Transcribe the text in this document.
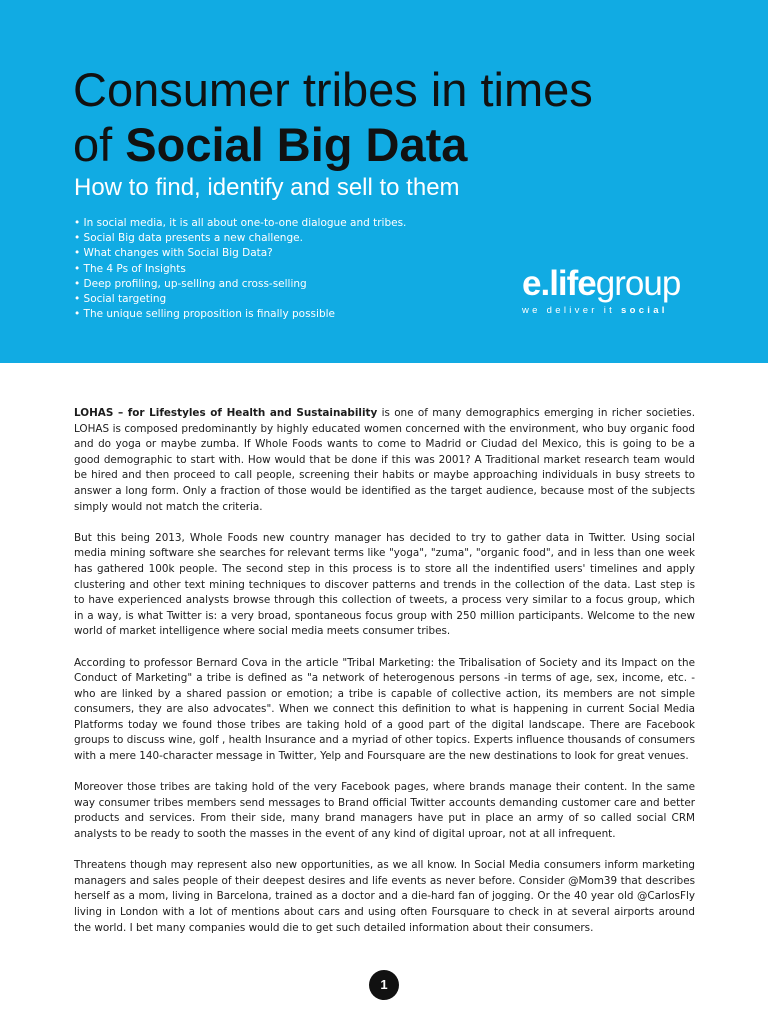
Consumer tribes in times
of Social Big Data
How to find, identify and sell to them
• In social media, it is all about one-to-one dialogue and tribes.
• Social Big data presents a new challenge.
• What changes with Social Big Data?
• The 4 Ps of Insights
• Deep profiling, up-selling and cross-selling
• Social targeting
• The unique selling proposition is finally possible
e.lifegroup
we deliver it social

LOHAS – for Lifestyles of Health and Sustainability is one of many demographics emerging in richer societies. LOHAS is composed predominantly by highly educated women concerned with the environment, who buy organic food and do yoga or maybe zumba. If Whole Foods wants to come to Madrid or Ciudad del Mexico, this is going to be a good demographic to start with. How would that be done if this was 2001? A Traditional market research team would be hired and then proceed to call people, screening their habits or maybe approaching individuals in busy streets to answer a long form. Only a fraction of those would be identified as the target audience, because most of the subjects simply would not match the criteria.

But this being 2013, Whole Foods new country manager has decided to try to gather data in Twitter. Using social media mining software she searches for relevant terms like "yoga", "zuma", "organic food", and in less than one week has gathered 100k people. The second step in this process is to store all the indentified users' timelines and apply clustering and other text mining techniques to discover patterns and trends in the collection of the data. Last step is to have experienced analysts browse through this collection of tweets, a process very similar to a focus group, which in a way, is what Twitter is: a very broad, spontaneous focus group with 250 million participants. Welcome to the new world of market intelligence where social media meets consumer tribes.

According to professor Bernard Cova in the article "Tribal Marketing: the Tribalisation of Society and its Impact on the Conduct of Marketing" a tribe is defined as "a network of heterogenous persons -in terms of age, sex, income, etc. - who are linked by a shared passion or emotion; a tribe is capable of collective action, its members are not simple consumers, they are also advocates". When we connect this definition to what is happening in current Social Media Platforms today we found those tribes are taking hold of a good part of the digital landscape. There are Facebook groups to discuss wine, golf , health Insurance and a myriad of other topics. Experts influence thousands of consumers with a mere 140-character message in Twitter, Yelp and Foursquare are the new destinations to look for great venues.

Moreover those tribes are taking hold of the very Facebook pages, where brands manage their content. In the same way consumer tribes members send messages to Brand official Twitter accounts demanding customer care and better products and services. From their side, many brand managers have put in place an army of so called social CRM analysts to be ready to sooth the masses in the event of any kind of digital uproar, not at all infrequent.

Threatens though may represent also new opportunities, as we all know. In Social Media consumers inform marketing managers and sales people of their deepest desires and life events as never before. Consider @Mom39 that describes herself as a mom, living in Barcelona, trained as a doctor and a die-hard fan of jogging. Or the 40 year old @CarlosFly living in London with a lot of mentions about cars and using often Foursquare to check in at several airports around the world. I bet many companies would die to get such detailed information about their consumers.

1
